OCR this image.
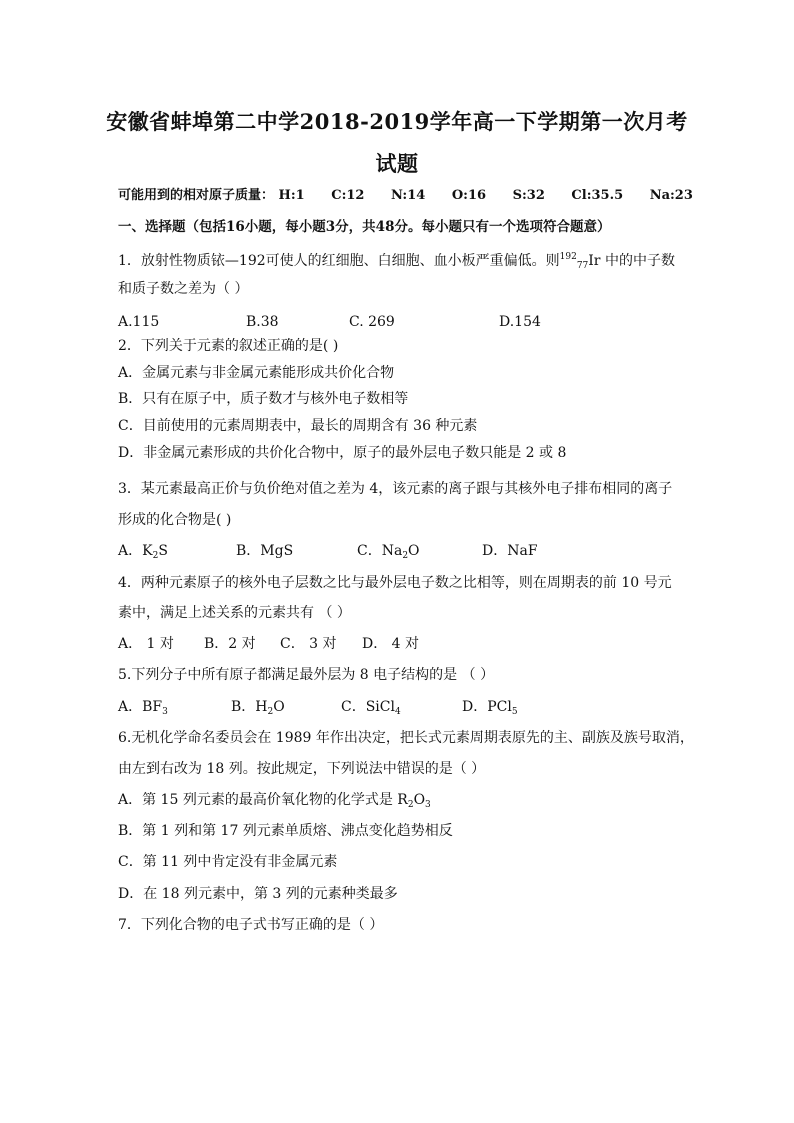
安徽省蚌埠第二中学2018-2019学年高一下学期第一次月考
试题
可能用到的相对原子质量： H:1 C:12 N:14 O:16 S:32 Cl:35.5 Na:23
一、选择题（包括16小题，每小题3分，共48分。每小题只有一个选项符合题意）
1．放射性物质铱—192可使人的红细胞、白细胞、血小板严重偏低。则$^{192}_{77}$Ir 中的中子数
和质子数之差为（ ）
A.115	B.38	C. 269	D.154
2．下列关于元素的叙述正确的是( )
A．金属元素与非金属元素能形成共价化合物
B．只有在原子中，质子数才与核外电子数相等
C．目前使用的元素周期表中，最长的周期含有 36 种元素
D．非金属元素形成的共价化合物中，原子的最外层电子数只能是 2 或 8
3．某元素最高正价与负价绝对值之差为 4，该元素的离子跟与其核外电子排布相同的离子
形成的化合物是( )
A．$K_2S$	B．MgS	C．$Na_2O$	D．NaF
4．两种元素原子的核外电子层数之比与最外层电子数之比相等，则在周期表的前 10 号元
素中，满足上述关系的元素共有 （ ）
A． 1 对 B．2 对 C． 3 对 D． 4 对
5.下列分子中所有原子都满足最外层为 8 电子结构的是 （ ）
A．$BF_3$	B．$H_2O$	C．SiCl$_4$	D．PCl$_5$
6.无机化学命名委员会在 1989 年作出决定，把长式元素周期表原先的主、副族及族号取消，
由左到右改为 18 列。按此规定，下列说法中错误的是（ ）
A．第 15 列元素的最高价氧化物的化学式是 $R_2O_3$
B．第 1 列和第 17 列元素单质熔、沸点变化趋势相反
C．第 11 列中肯定没有非金属元素
D．在 18 列元素中，第 3 列的元素种类最多
7．下列化合物的电子式书写正确的是（ ）
